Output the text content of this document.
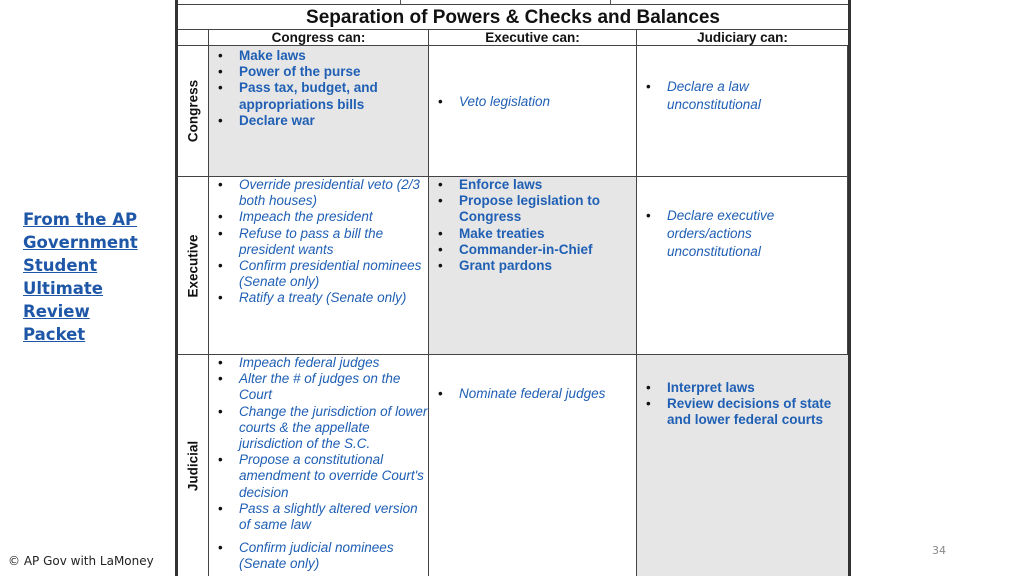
From the AP
Government
Student
Ultimate
Review
Packet
Separation of Powers & Checks and Balances
Congress can:	Executive can:	Judiciary can:
Congress
• Make laws
• Power of the purse
• Pass tax, budget, and appropriations bills
• Declare war
• Veto legislation
• Declare a law unconstitutional
Executive
• Override presidential veto (2/3 both houses)
• Impeach the president
• Refuse to pass a bill the president wants
• Confirm presidential nominees (Senate only)
• Ratify a treaty (Senate only)
• Enforce laws
• Propose legislation to Congress
• Make treaties
• Commander-in-Chief
• Grant pardons
• Declare executive orders/actions unconstitutional
Judicial
• Impeach federal judges
• Alter the # of judges on the Court
• Change the jurisdiction of lower courts & the appellate jurisdiction of the S.C.
• Propose a constitutional amendment to override Court's decision
• Pass a slightly altered version of same law
• Confirm judicial nominees (Senate only)
• Nominate federal judges
•	Interpret laws
• Review decisions of state and lower federal courts
© AP Gov with LaMoney
34
